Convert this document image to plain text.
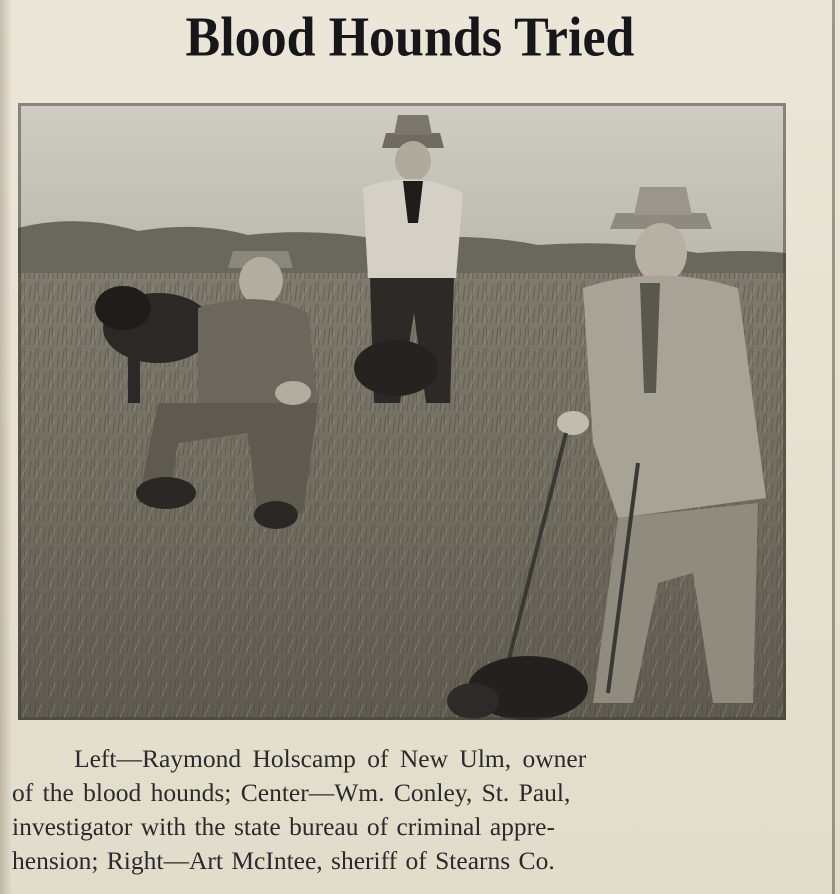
Blood Hounds Tried
Left—Raymond Holscamp of New Ulm, owner
of the blood hounds; Center—Wm. Conley, St. Paul,
investigator with the state bureau of criminal appre-
hension; Right—Art McIntee, sheriff of Stearns Co.
